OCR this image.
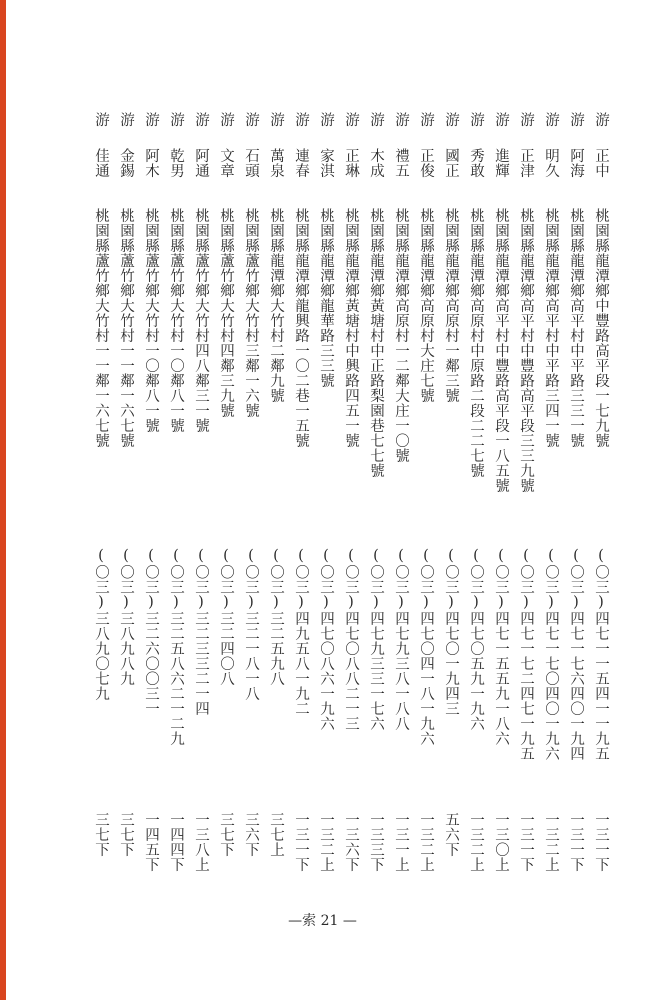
游
正中
桃園縣龍潭鄉中豐路高平段一七九號
(〇三)四七一一五四一一九五
一三一下
游
阿海
桃園縣龍潭鄉高平村中平路三三一號
(〇三)四七一七六四〇一九四
一三一下
游
明久
桃園縣龍潭鄉高平村中平路三四一號
(〇三)四七一七〇四〇一九六
一三二上
游
正津
桃園縣龍潭鄉高平村中豐路高平段三三九號
(〇三)四七一七二四七一九五
一三一下
游
進輝
桃園縣龍潭鄉高平村中豐路高平段一八五號
(〇三)四七一五五九一八六
一三〇上
游
秀敢
桃園縣龍潭鄉高原村中原路二段二二七號
(〇三)四七〇五九一九六
一三二上
游
國正
桃園縣龍潭鄉高原村一鄰三號
(〇三)四七〇一九四三
五六下
游
正俊
桃園縣龍潭鄉高原村大庄七號
(〇三)四七〇四一八一九六
一三二上
游
禮五
桃園縣龍潭鄉高原村一二鄰大庄一〇號
(〇三)四七九三八一八八
一三一上
游
木成
桃園縣龍潭鄉黃塘村中正路梨園巷七七號
(〇三)四七九三三一七六
一三三下
游
正琳
桃園縣龍潭鄉黃塘村中興路四五一號
(〇三)四七〇八八二一三
一三六下
游
家淇
桃園縣龍潭鄉龍華路三三號
(〇三)四七〇八六一九六
一三二上
游
連春
桃園縣龍潭鄉龍興路一〇二巷一五號
(〇三)四九五八一九二
一三一下
游
萬泉
桃園縣龍潭鄉大竹村二鄰九號
(〇三)三二五九八
三七上
游
石頭
桃園縣蘆竹鄉大竹村三鄰一六號
(〇三)三二一八一八
三六下
游
文章
桃園縣蘆竹鄉大竹村四鄰三九號
(〇三)三二四〇八
三七下
游
阿通
桃園縣蘆竹鄉大竹村四八鄰三一號
(〇三)三二三三二一四
一三八上
游
乾男
桃園縣蘆竹鄉大竹村一〇鄰八一號
(〇三)三二五八六二一二九
一四四下
游
阿木
桃園縣蘆竹鄉大竹村一〇鄰八一號
(〇三)三二六〇〇三一
一四五下
游
金錫
桃園縣蘆竹鄉大竹村一一鄰一六七號
(〇三)三八九八九
三七下
游
佳通
桃園縣蘆竹鄉大竹村一一鄰一六七號
(〇三)三八九〇七九
三七下
—索 21 —
